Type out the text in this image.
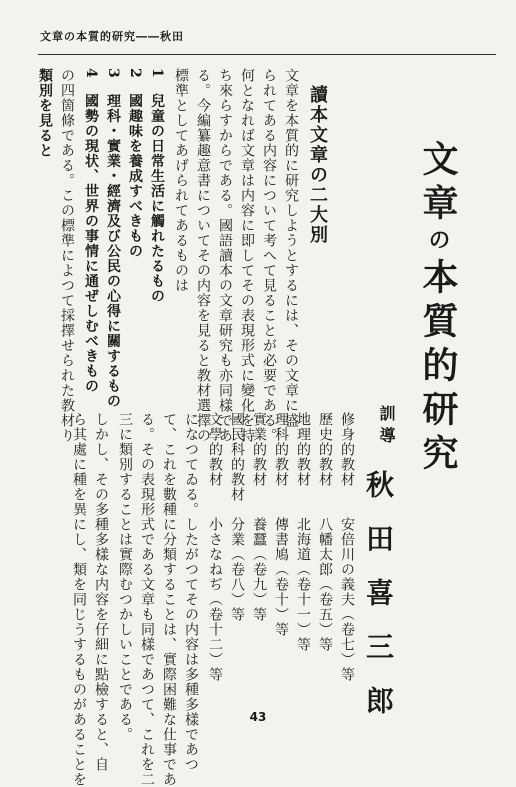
文章の本質的研究――秋田
文章の本質的研究
訓導
秋田喜三郎
讀本文章の二大別
文章を本質的に研究しようとするには、その文章に盛
られてある内容について考へて見ることが必要である。
何となれば文章は内容に即してその表現形式に變化を持
ち來らすからである。國語讀本の文章研究も亦同樣であ
る。今編纂趣意書についてその内容を見ると教材選擇の
標準としてあげられてあるものは
1　兒童の日常生活に觸れたるもの
2　國趣味を養成すべきもの
3　理科・實業・經濟及び公民の心得に關するもの
4　國勢の現状、世界の事情に通ぜしむべきもの
の四箇條である。この標準によつて採擇せられた教材り
類別を見ると
修身的教材　　安倍川の義夫（卷七）等
歷史的教材　　八幡太郎（卷五）等
地理的教材　　北海道（卷十一）等
理科的教材　　傳書鳩（卷十）等
實業的教材　　養蠶（卷九）等
國民科的教材　分業（卷八）等
文學的教材　　小さなねぢ（卷十二）等
になつてゐる。したがつてその内容は多種多樣であつ
て、これを數種に分類することは、實際困難な仕事であ
る。その表現形式である文章も同樣であつて、これを二
三に類別することは實際むつかしいことである。
しかし、その多種多樣な内容を仔細に點檢すると、自
ら其處に種を異にし、類を同じうするものがあることを	43
